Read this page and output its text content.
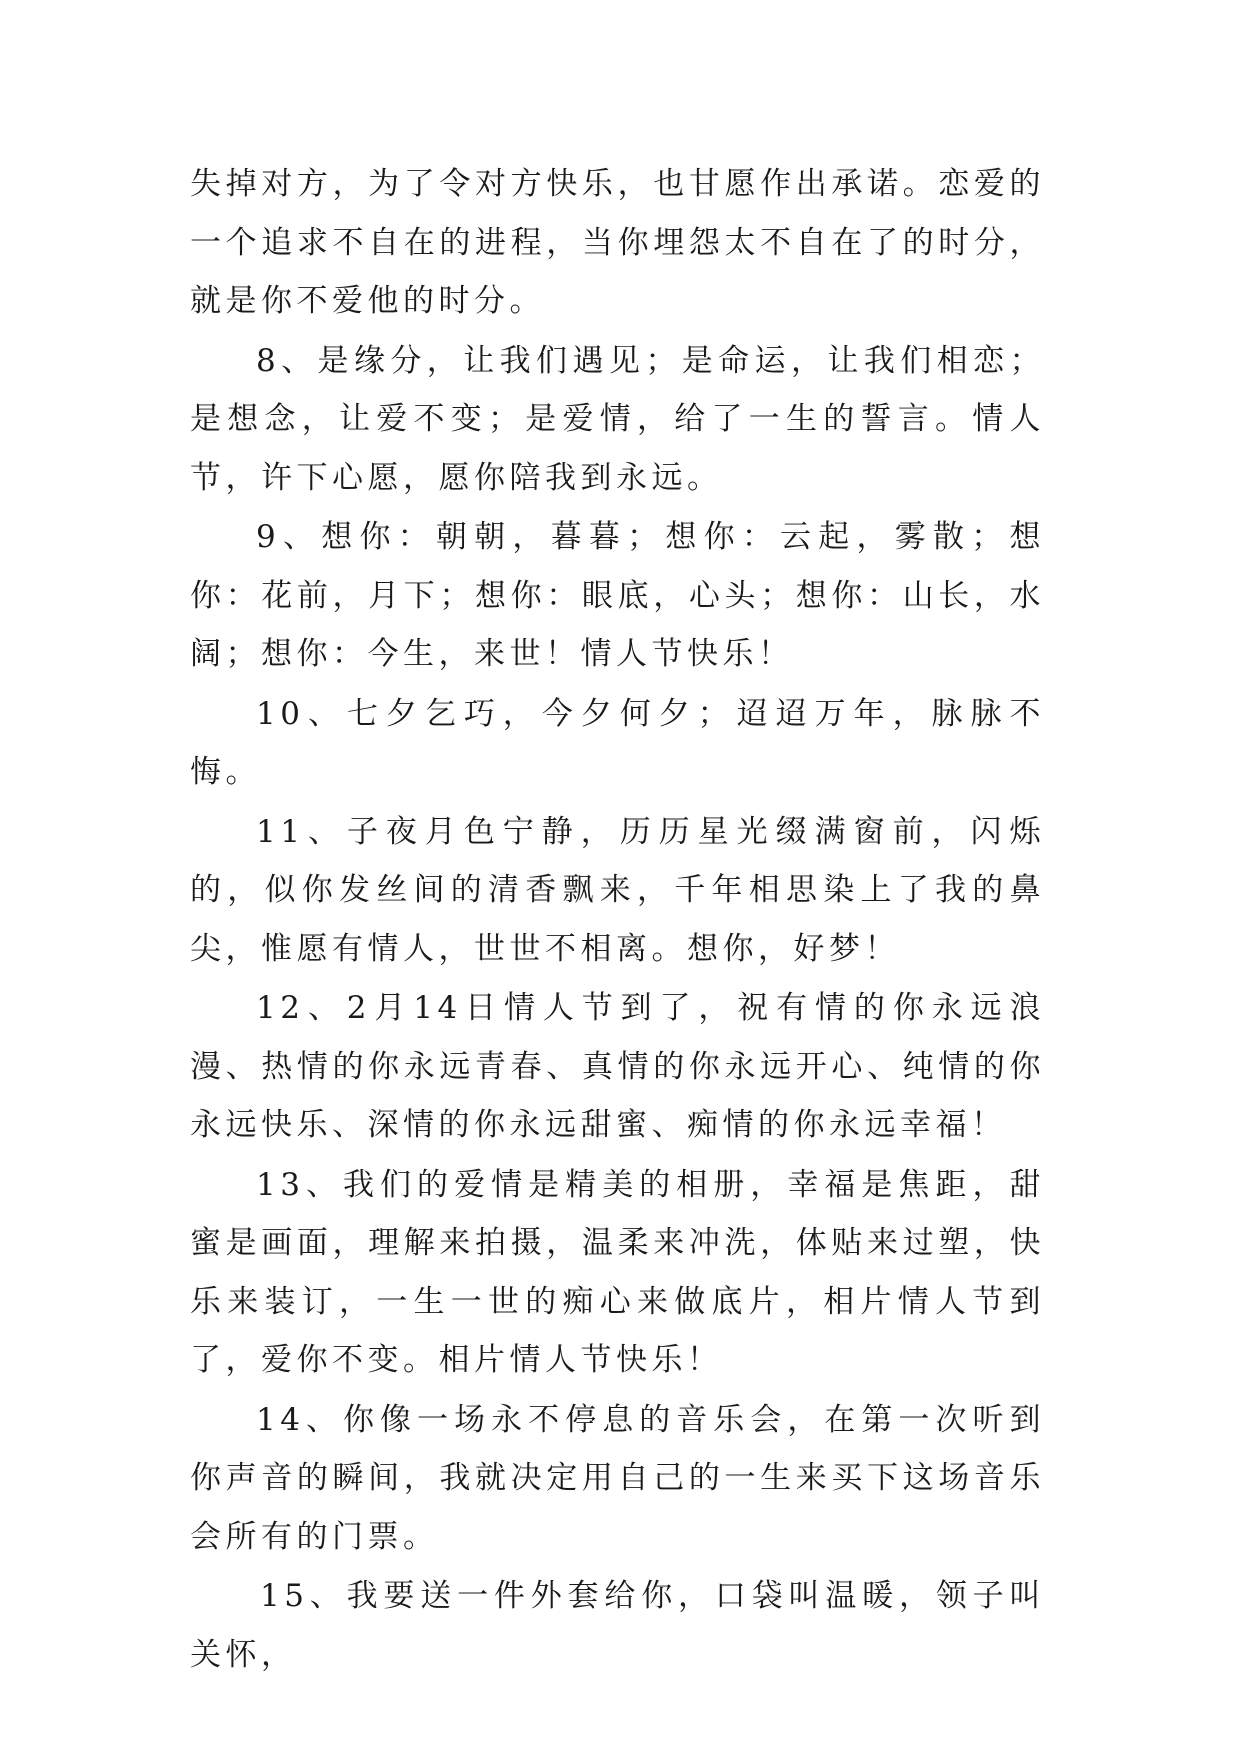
失掉对方，为了令对方快乐，也甘愿作出承诺。恋爱的一个追求不自在的进程，当你埋怨太不自在了的时分，就是你不爱他的时分。

8、是缘分，让我们遇见；是命运，让我们相恋；是想念，让爱不变；是爱情，给了一生的誓言。情人节，许下心愿，愿你陪我到永远。

9、想你：朝朝，暮暮；想你：云起，雾散；想你：花前，月下；想你：眼底，心头；想你：山长，水阔；想你：今生，来世！情人节快乐！

10、七夕乞巧，今夕何夕；迢迢万年，脉脉不悔。

11、子夜月色宁静，历历星光缀满窗前，闪烁的，似你发丝间的清香飘来，千年相思染上了我的鼻尖，惟愿有情人，世世不相离。想你，好梦！

12、2月14日情人节到了，祝有情的你永远浪漫、热情的你永远青春、真情的你永远开心、纯情的你永远快乐、深情的你永远甜蜜、痴情的你永远幸福！

13、我们的爱情是精美的相册，幸福是焦距，甜蜜是画面，理解来拍摄，温柔来冲洗，体贴来过塑，快乐来装订，一生一世的痴心来做底片，相片情人节到了，爱你不变。相片情人节快乐！

14、你像一场永不停息的音乐会，在第一次听到你声音的瞬间，我就决定用自己的一生来买下这场音乐会所有的门票。

15、我要送一件外套给你，口袋叫温暖，领子叫关怀，
